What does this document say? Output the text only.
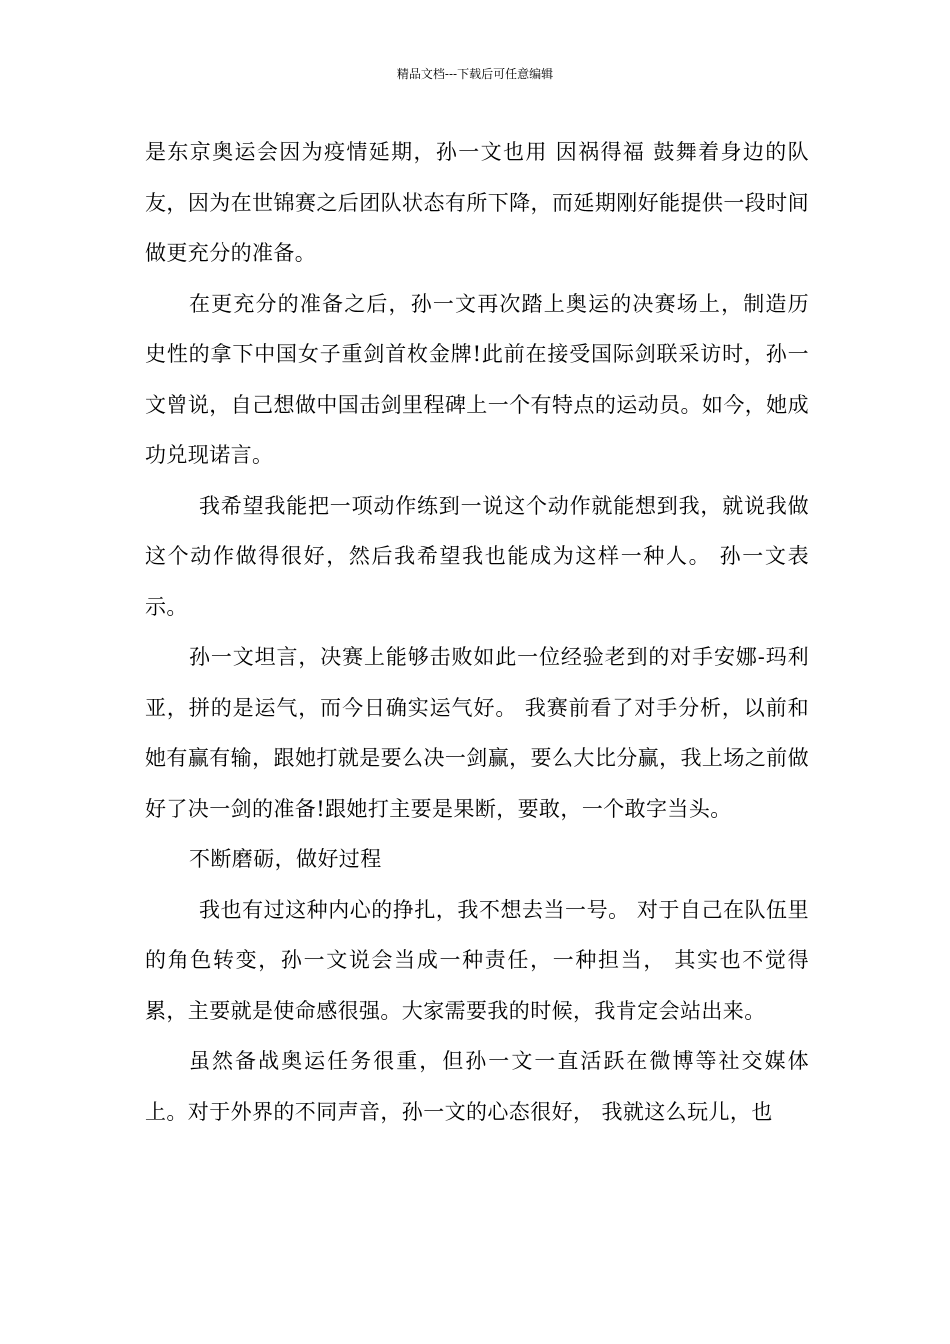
精品文档---下载后可任意编辑

是东京奥运会因为疫情延期，孙一文也用 因祸得福 鼓舞着身边的队友，因为在世锦赛之后团队状态有所下降，而延期刚好能提供一段时间做更充分的准备。

在更充分的准备之后，孙一文再次踏上奥运的决赛场上，制造历史性的拿下中国女子重剑首枚金牌!此前在接受国际剑联采访时，孙一文曾说，自己想做中国击剑里程碑上一个有特点的运动员。如今，她成功兑现诺言。

我希望我能把一项动作练到一说这个动作就能想到我，就说我做这个动作做得很好，然后我希望我也能成为这样一种人。 孙一文表示。

孙一文坦言，决赛上能够击败如此一位经验老到的对手安娜-玛利亚，拼的是运气，而今日确实运气好。 我赛前看了对手分析，以前和她有赢有输，跟她打就是要么决一剑赢，要么大比分赢，我上场之前做好了决一剑的准备!跟她打主要是果断，要敢，一个敢字当头。

不断磨砺，做好过程

我也有过这种内心的挣扎，我不想去当一号。 对于自己在队伍里的角色转变，孙一文说会当成一种责任，一种担当， 其实也不觉得累，主要就是使命感很强。大家需要我的时候，我肯定会站出来。

虽然备战奥运任务很重，但孙一文一直活跃在微博等社交媒体上。对于外界的不同声音，孙一文的心态很好， 我就这么玩儿，也
